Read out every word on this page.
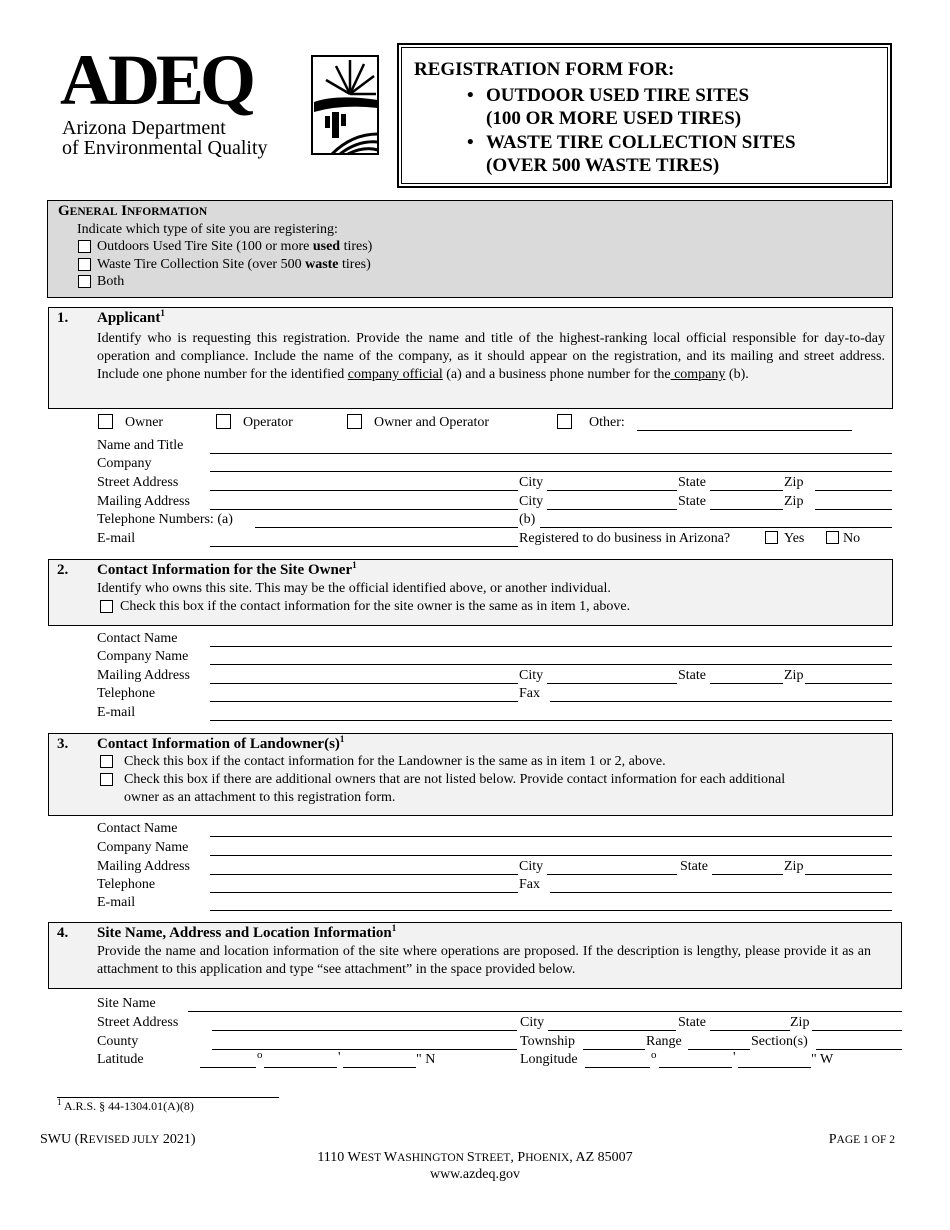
ADEQ
Arizona Department
of Environmental Quality
REGISTRATION FORM FOR:
• OUTDOOR USED TIRE SITES
(100 OR MORE USED TIRES)
• WASTE TIRE COLLECTION SITES
(OVER 500 WASTE TIRES)
GENERAL INFORMATION
Indicate which type of site you are registering:
Outdoors Used Tire Site (100 or more used tires)
Waste Tire Collection Site (over 500 waste tires)
Both
1. Applicant$^1$
Identify who is requesting this registration. Provide the name and title of the highest-ranking local official responsible for day-to-day operation and compliance. Include the name of the company, as it should appear on the registration, and its mailing and street address. Include one phone number for the identified company official (a) and a business phone number for the company (b).
Owner	Operator	Owner and Operator	Other:
Name and Title
Company
Street Address	City	State	Zip
Mailing Address	City	State	Zip
Telephone Numbers: (a)	(b)
E-mail	Registered to do business in Arizona?	Yes	No
2. Contact Information for the Site Owner$^1$
Identify who owns this site. This may be the official identified above, or another individual.
Check this box if the contact information for the site owner is the same as in item 1, above.
Contact Name
Company Name
Mailing Address	City	State	Zip
Telephone	Fax
E-mail
3. Contact Information of $Landowner(s)^1$
Check this box if the contact information for the Landowner is the same as in item 1 or 2, above.
Check this box if there are additional owners that are not listed below. Provide contact information for each additional
owner as an attachment to this registration form.
Contact Name
Company Name
Mailing Address	City	State	Zip
Telephone	Fax
E-mail
4. Site Name, Address and Location Information$^1$
Provide the name and location information of the site where operations are proposed. If the description is lengthy, please provide it as an attachment to this application and type “see attachment” in the space provided below.
Site Name
Street Address	City	State	Zip
County	Township	Range	Section(s)
Latitude	o	'	" N	Longitude	o	'	" W
$^1$ A.R.S. § 44-1304.01(A)(8)
SWU (REVISED JULY 2021)	PAGE 1 OF 2
1110 WEST WASHINGTON STREET, PHOENIX, AZ 85007
www.azdeq.gov
